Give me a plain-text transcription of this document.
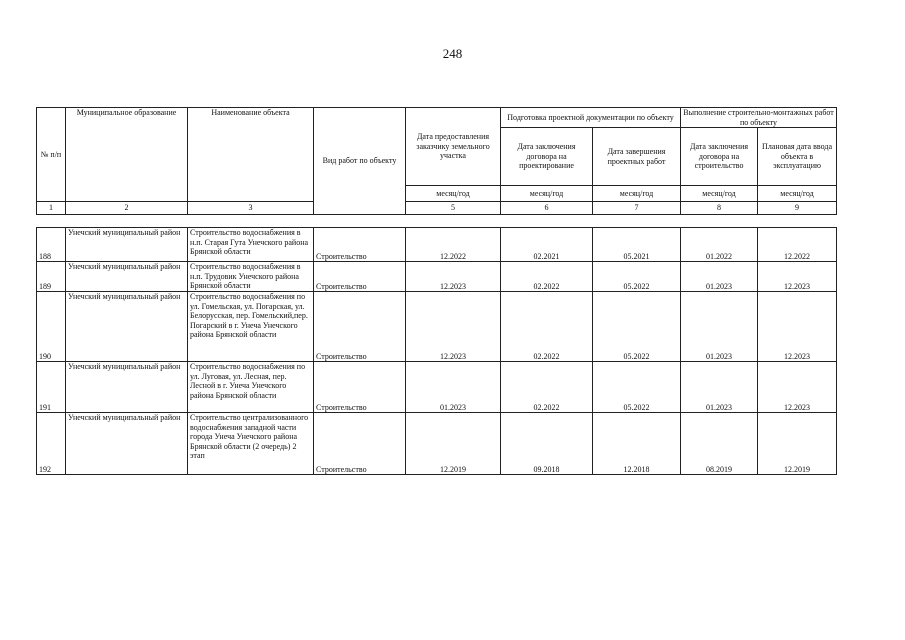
248
№ п/п	Муниципальное образование	Наименование объекта	Вид работ по объекту	Дата предоставления заказчику земельного участка	Подготовка проектной документации по объекту		Выполнение строительно-монтажных работ по объекту	
					Дата заключения договора на проектирование	Дата завершения проектных работ	Дата заключения договора на строительство	Плановая дата ввода объекта в эксплуатацию
				месяц/год	месяц/год	месяц/год	месяц/год	месяц/год
1	2	3		5	6	7	8	9

188	Унечский муниципальный район	Строительство водоснабжения в н.п. Старая Гута Унечского района Брянской области	Строительство	12.2022	02.2021	05.2021	01.2022	12.2022
189	Унечский муниципальный район	Строительство водоснабжения в н.п. Трудовик Унечского района Брянской области	Строительство	12.2023	02.2022	05.2022	01.2023	12.2023
190	Унечский муниципальный район	Строительство водоснабжения по ул. Гомельская, ул. Погарская, ул. Белорусская, пер. Гомельский,пер. Погарский в г. Унеча Унечского района Брянской области	Строительство	12.2023	02.2022	05.2022	01.2023	12.2023
191	Унечский муниципальный район	Строительство водоснабжения по ул. Луговая, ул. Лесная, пер. Лесной в г. Унеча Унечского района Брянской области	Строительство	01.2023	02.2022	05.2022	01.2023	12.2023
192	Унечский муниципальный район	Строительство централизованного водоснабжения западной части города Унеча Унечского района Брянской области (2 очередь) 2 этап	Строительство	12.2019	09.2018	12.2018	08.2019	12.2019
